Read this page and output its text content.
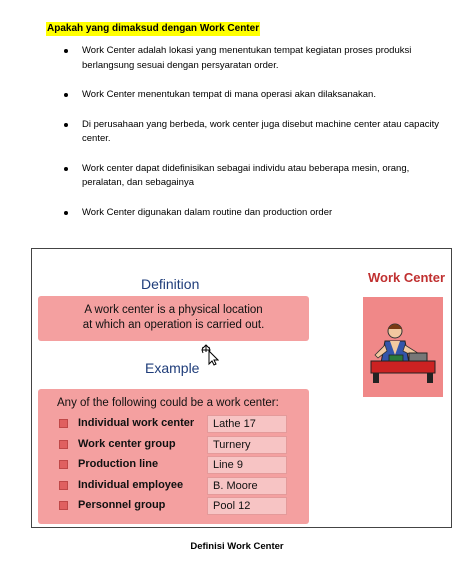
Apakah yang dimaksud dengan Work Center
Work Center adalah lokasi yang menentukan tempat kegiatan proses produksi berlangsung sesuai dengan persyaratan order.
Work Center menentukan tempat di mana operasi akan dilaksanakan.
Di perusahaan yang berbeda, work center juga disebut machine center atau capacity center.
Work center dapat didefinisikan sebagai individu atau beberapa mesin, orang, peralatan, dan sebagainya
Work Center digunakan dalam routine dan production order
Definition
A work center is a physical location
at which an operation is carried out.
Example
Any of the following could be a work center:
Individual work center	Lathe 17
Work center group	Turnery
Production line	Line 9
Individual employee	B. Moore
Personnel group	Pool 12
Work Center
Definisi Work Center
